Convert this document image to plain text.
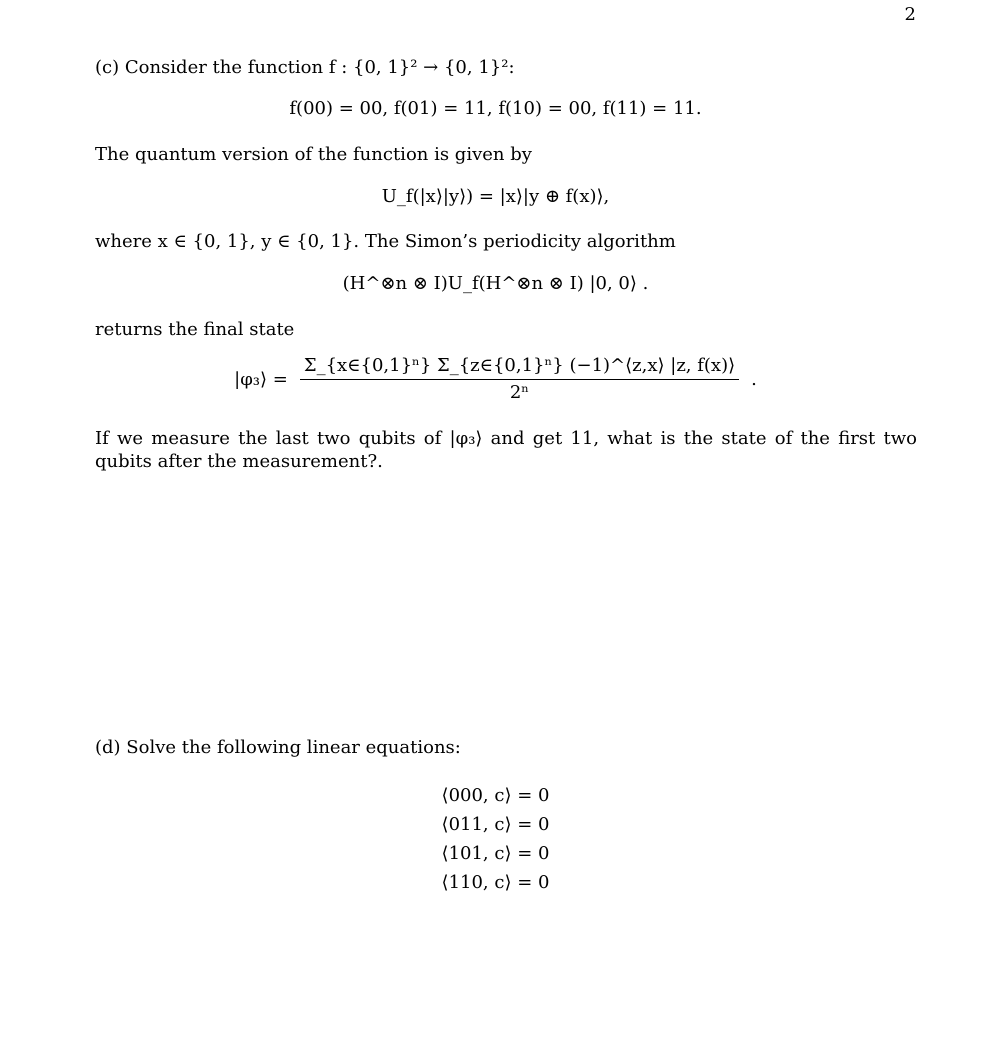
2
(c) Consider the function f : {0, 1}² → {0, 1}²:
f(00) = 00, f(01) = 11, f(10) = 00, f(11) = 11.
The quantum version of the function is given by
U_f(|x⟩|y⟩) = |x⟩|y ⊕ f(x)⟩,
where x ∈ {0, 1}, y ∈ {0, 1}. The Simon’s periodicity algorithm
(H^⊗n ⊗ I)U_f(H^⊗n ⊗ I) |0, 0⟩ .
returns the final state
|φ₃⟩ = $\frac{\text{Σ\_\{x∈\{0,1\}ⁿ\} Σ\_\{z∈\{0,1\}ⁿ\} (−1)\textasciicircum{}⟨z,x⟩ |z, f(x)⟩}}{\text{2ⁿ}}$ .
If we measure the last two qubits of |φ₃⟩ and get 11, what is the state of the first two qubits after the measurement?.
(d) Solve the following linear equations:
⟨000, c⟩ = 0
⟨011, c⟩ = 0
⟨101, c⟩ = 0
⟨110, c⟩ = 0
